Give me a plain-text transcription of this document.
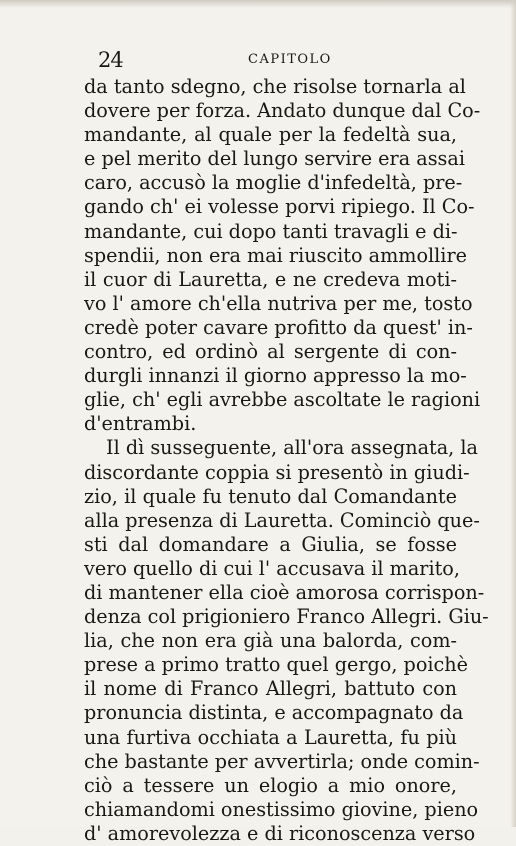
24	CAPITOLO
da tanto sdegno, che risolse tornarla al
dovere per forza. Andato dunque dal Co-
mandante, al quale per la fedeltà sua,
e pel merito del lungo servire era assai
caro, accusò la moglie d'infedeltà, pre-
gando ch' ei volesse porvi ripiego. Il Co-
mandante, cui dopo tanti travagli e di-
spendii, non era mai riuscito ammollire
il cuor di Lauretta, e ne credeva moti-
vo l' amore ch'ella nutriva per me, tosto
credè poter cavare profitto da quest' in-
contro, ed ordinò al sergente di con-
durgli innanzi il giorno appresso la mo-
glie, ch' egli avrebbe ascoltate le ragioni
d'entrambi.
Il dì susseguente, all'ora assegnata, la
discordante coppia si presentò in giudi-
zio, il quale fu tenuto dal Comandante
alla presenza di Lauretta. Cominciò que-
sti dal domandare a Giulia, se fosse
vero quello di cui l' accusava il marito,
di mantener ella cioè amorosa corrispon-
denza col prigioniero Franco Allegri. Giu-
lia, che non era già una balorda, com-
prese a primo tratto quel gergo, poichè
il nome di Franco Allegri, battuto con
pronuncia distinta, e accompagnato da
una furtiva occhiata a Lauretta, fu più
che bastante per avvertirla; onde comin-
ciò a tessere un elogio a mio onore,
chiamandomi onestissimo giovine, pieno
d' amorevolezza e di riconoscenza verso
